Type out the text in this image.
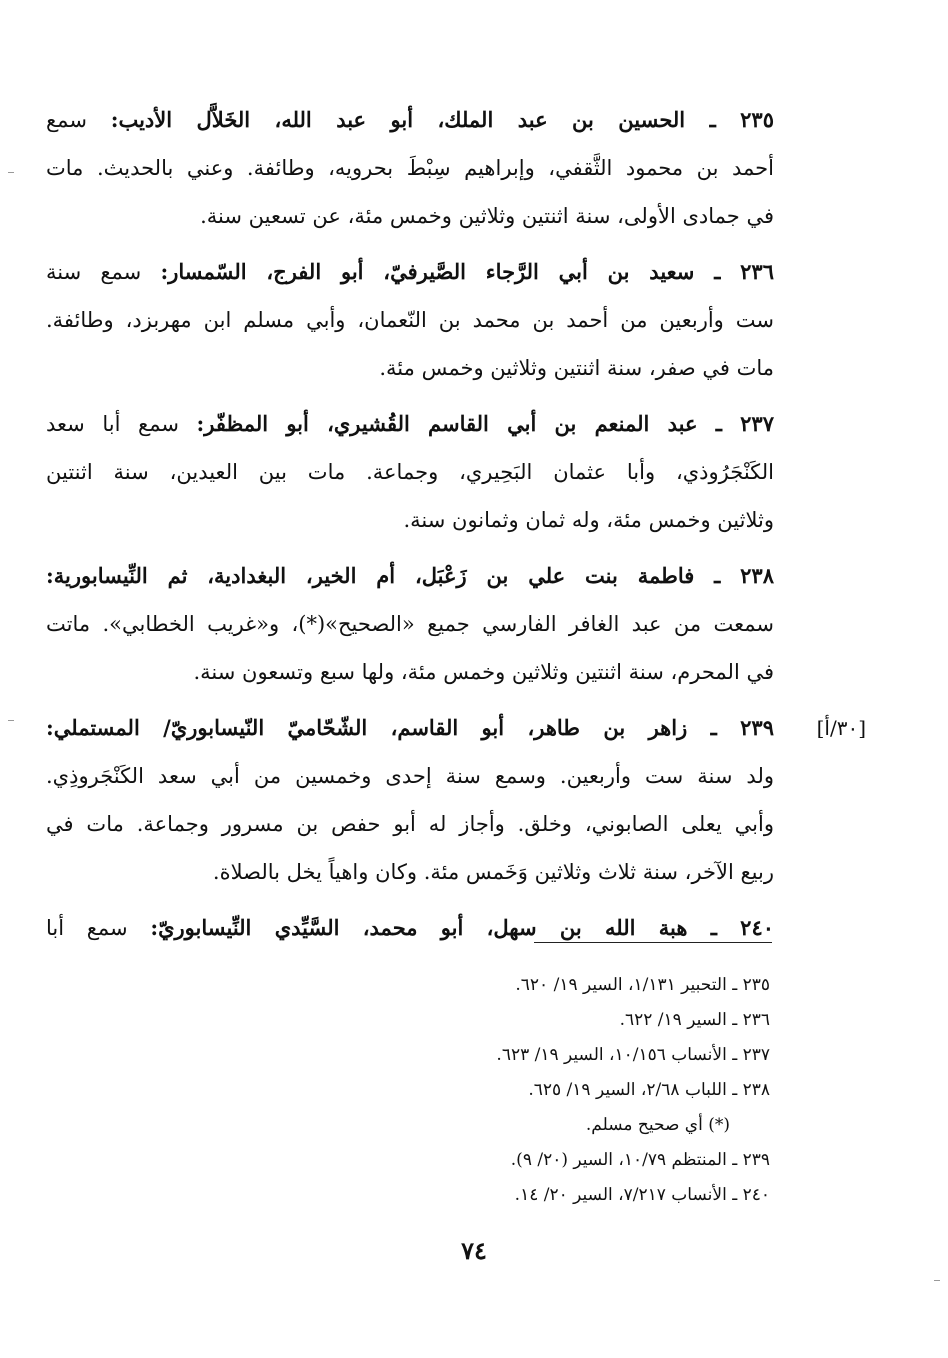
٢٣٥ ـ الحسين بن عبد الملك، أبو عبد الله، الخَلاَّل الأديب: سمع
أحمد بن محمود الثَّقفي، وإبراهيم سِبْطَ بحرويه، وطائفة. وعني بالحديث. مات
في جمادى الأولى، سنة اثنتين وثلاثين وخمس مئة، عن تسعين سنة.
٢٣٦ ـ سعيد بن أبي الرَّجاء الصَّيرفيّ، أبو الفرج، السّمسار: سمع سنة
ست وأربعين من أحمد بن محمد بن النّعمان، وأبي مسلم ابن مهربزد، وطائفة.
مات في صفر، سنة اثنتين وثلاثين وخمس مئة.
٢٣٧ ـ عبد المنعم بن أبي القاسم القُشيري، أبو المظفّر: سمع أبا سعد
الكَنْجَرُوذي، وأبا عثمان البَحِيري، وجماعة. مات بين العيدين، سنة اثنتين
وثلاثين وخمس مئة، وله ثمان وثمانون سنة.
٢٣٨ ـ فاطمة بنت علي بن زَعْبَل، أم الخير، البغدادية، ثم النِّيسابورية:
سمعت من عبد الغافر الفارسي جميع «الصحيح»(*)، و«غريب الخطابي». ماتت
في المحرم، سنة اثنتين وثلاثين وخمس مئة، ولها سبع وتسعون سنة.
[٣٠/أ]
٢٣٩ ـ زاهر بن طاهر، أبو القاسم، الشّحّاميّ النّيسابوريّ/ المستملي:
ولد سنة ست وأربعين. وسمع سنة إحدى وخمسين من أبي سعد الكَنْجَروذِي.
وأبي يعلى الصابوني، وخلق. وأجاز له أبو حفص بن مسرور وجماعة. مات في
ربيع الآخر، سنة ثلاث وثلاثين وَخَمس مئة. وكان واهياً يخل بالصلاة.
٢٤٠ ـ هبة الله بن سهل، أبو محمد، السَّيِّدي النِّيسابوريّ: سمع أبا
٢٣٥ ـ التحبير ١/١٣١، السير ١٩/ ٦٢٠.
٢٣٦ ـ السير ١٩/ ٦٢٢.
٢٣٧ ـ الأنساب ١٠/١٥٦، السير ١٩/ ٦٢٣.
٢٣٨ ـ اللباب ٢/٦٨، السير ١٩/ ٦٢٥.
(*) أي صحيح مسلم.
٢٣٩ ـ المنتظم ١٠/٧٩، السير (٢٠/ ٩).
٢٤٠ ـ الأنساب ٧/٢١٧، السير ٢٠/ ١٤.
٧٤
